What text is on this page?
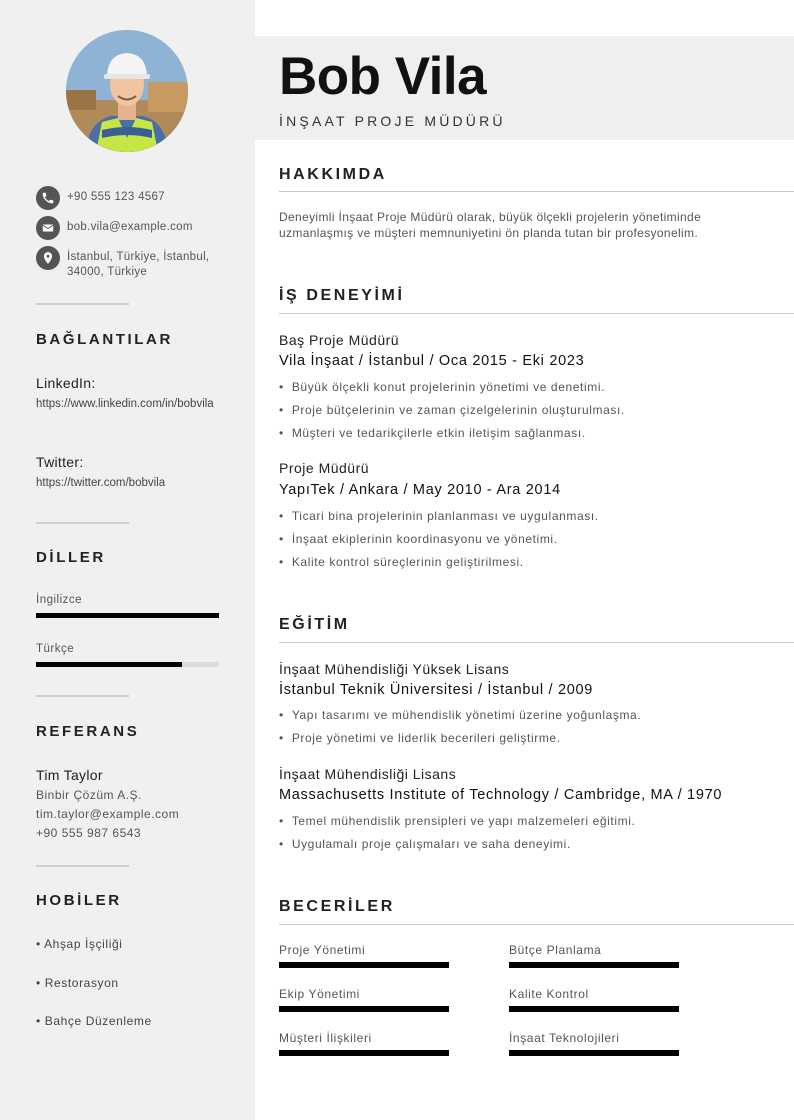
+90 555 123 4567
bob.vila@example.com
İstanbul, Türkiye, İstanbul, 34000, Türkiye
BAĞLANTILAR
LinkedIn:
https://www.linkedin.com/in/bobvila
Twitter:
https://twitter.com/bobvila
DİLLER
İngilizce
Türkçe
REFERANS
Tim Taylor
Binbir Çözüm A.Ş.
tim.taylor@example.com
+90 555 987 6543
HOBİLER
• Ahşap İşçiliği
• Restorasyon
• Bahçe Düzenleme
Bob Vila
İNŞAAT PROJE MÜDÜRÜ
HAKKIMDA
Deneyimli İnşaat Proje Müdürü olarak, büyük ölçekli projelerin yönetiminde uzmanlaşmış ve müşteri memnuniyetini ön planda tutan bir profesyonelim.
İŞ DENEYİMİ
Baş Proje Müdürü
Vila İnşaat / İstanbul / Oca 2015 - Eki 2023
• Büyük ölçekli konut projelerinin yönetimi ve denetimi.
• Proje bütçelerinin ve zaman çizelgelerinin oluşturulması.
• Müşteri ve tedarikçilerle etkin iletişim sağlanması.
Proje Müdürü
YapıTek / Ankara / May 2010 - Ara 2014
• Ticari bina projelerinin planlanması ve uygulanması.
• İnşaat ekiplerinin koordinasyonu ve yönetimi.
• Kalite kontrol süreçlerinin geliştirilmesi.
EĞİTİM
İnşaat Mühendisliği Yüksek Lisans
İstanbul Teknik Üniversitesi / İstanbul / 2009
• Yapı tasarımı ve mühendislik yönetimi üzerine yoğunlaşma.
• Proje yönetimi ve liderlik becerileri geliştirme.
İnşaat Mühendisliği Lisans
Massachusetts Institute of Technology / Cambridge, MA / 1970
• Temel mühendislik prensipleri ve yapı malzemeleri eğitimi.
• Uygulamalı proje çalışmaları ve saha deneyimi.
BECERİLER
Proje Yönetimi	Bütçe Planlama
Ekip Yönetimi	Kalite Kontrol
Müşteri İlişkileri	İnşaat Teknolojileri
